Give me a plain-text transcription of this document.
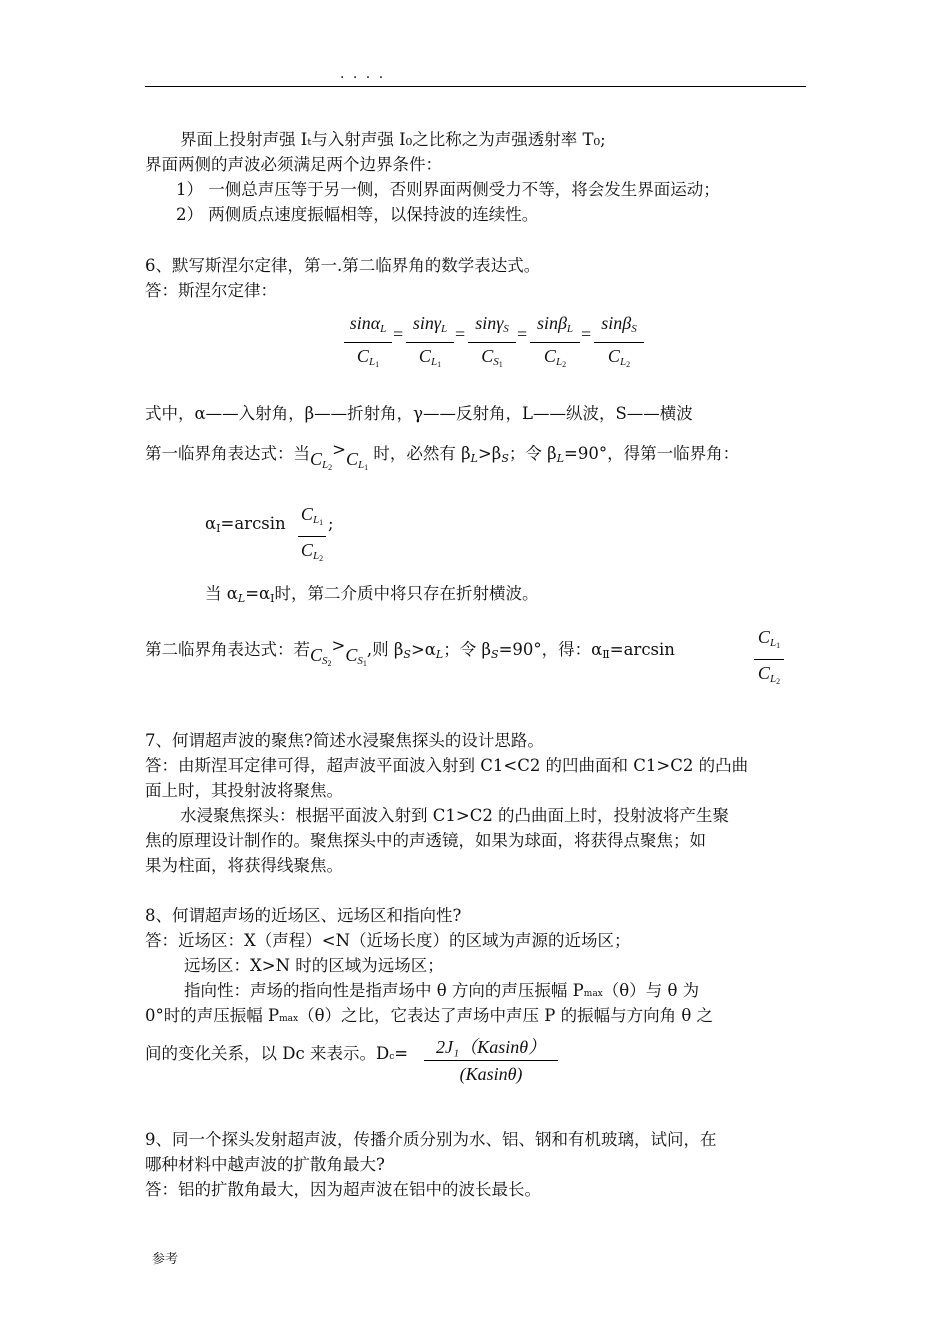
. . . .
界面上投射声强 Iₜ与入射声强 I₀之比称之为声强透射率 T₀;
界面两侧的声波必须满足两个边界条件：
1） 一侧总声压等于另一侧，否则界面两侧受力不等，将会发生界面运动；
2） 两侧质点速度振幅相等，以保持波的连续性。
6、默写斯涅尔定律，第一.第二临界角的数学表达式。
答：斯涅尔定律：
sinα$_L$
$C_{L1}$
=
sinγ$_L$
$C_{L1}$
=
sinγ$_S$
$C_{S1}$
=
sinβ$_L$
$C_{L2}$
=
sinβ$_S$
$C_{L2}$
式中，α——入射角，β——折射角，γ——反射角，L——纵波，S——横波
第一临界角表达式：当$C_{L2}>C_{L1}$ 时，必然有 $\beta_L>\beta_S$；令 $\beta_L=90^\circ$，得第一临界角：
$\alpha_Ⅰ=\arcsin$ $C_{L1}$
$C_{L2}$
;
当 $\alpha_L=\alpha_Ⅰ$时，第二介质中将只存在折射横波。
第二临界角表达式：若$C_{S2}>C_{S1}$,则 $\beta_S>\alpha_L$；令 $\beta_S=90^\circ$，得：$\alpha_Ⅱ=\arcsin$
$C_{L1}$
$C_{L2}$
7、何谓超声波的聚焦?简述水浸聚焦探头的设计思路。
答：由斯涅耳定律可得，超声波平面波入射到 C1<C2 的凹曲面和 C1>C2 的凸曲
面上时，其投射波将聚焦。
水浸聚焦探头：根据平面波入射到 C1>C2 的凸曲面上时，投射波将产生聚
焦的原理设计制作的。聚焦探头中的声透镜，如果为球面，将获得点聚焦；如
果为柱面，将获得线聚焦。
8、何谓超声场的近场区、远场区和指向性?
答：近场区：X（声程）<N（近场长度）的区域为声源的近场区；
远场区：X>N 时的区域为远场区；
指向性：声场的指向性是指声场中 θ 方向的声压振幅 Pmax（θ）与 θ 为
0°时的声压振幅 Pmax（θ）之比，它表达了声场中声压 P 的振幅与方向角 θ 之
间的变化关系，以 Dc 来表示。Dc=	2J₁（Kasinθ）
(Kasinθ)
9、同一个探头发射超声波，传播介质分别为水、铝、钢和有机玻璃，试问，在
哪种材料中越声波的扩散角最大?
答：铝的扩散角最大，因为超声波在铝中的波长最长。
参考
